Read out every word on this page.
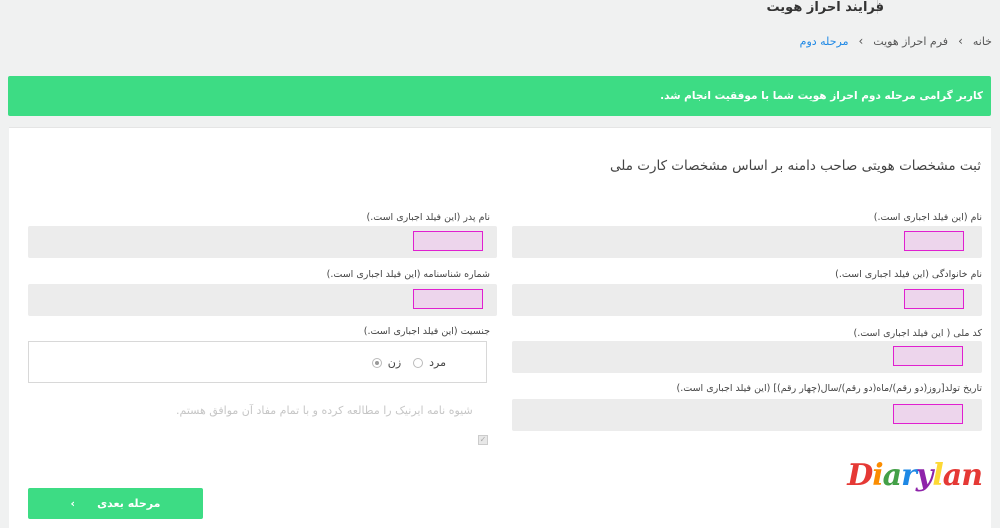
فرایند احراز هویت
خانه
›
فرم احراز هویت
›
مرحله دوم
کاربر گرامی مرحله دوم احراز هویت شما با موفقیت انجام شد.
ثبت مشخصات هویتی صاحب دامنه بر اساس مشخصات کارت ملی
نام (این فیلد اجباری است.)
نام خانوادگی (این فیلد اجباری است.)
کد ملی ( این فیلد اجباری است.)
تاریخ تولد[روز(دو رقم)/ماه(دو رقم)/سال(چهار رقم)] (این فیلد اجباری است.)
نام پدر (این فیلد اجباری است.)
شماره شناسنامه (این فیلد اجباری است.)
جنسیت (این فیلد اجباری است.)
مرد
زن
شیوه نامه ایرنیک را مطالعه کرده و با تمام مفاد آن موافق هستم.
✓
مرحله بعدی
›
Diarylan
